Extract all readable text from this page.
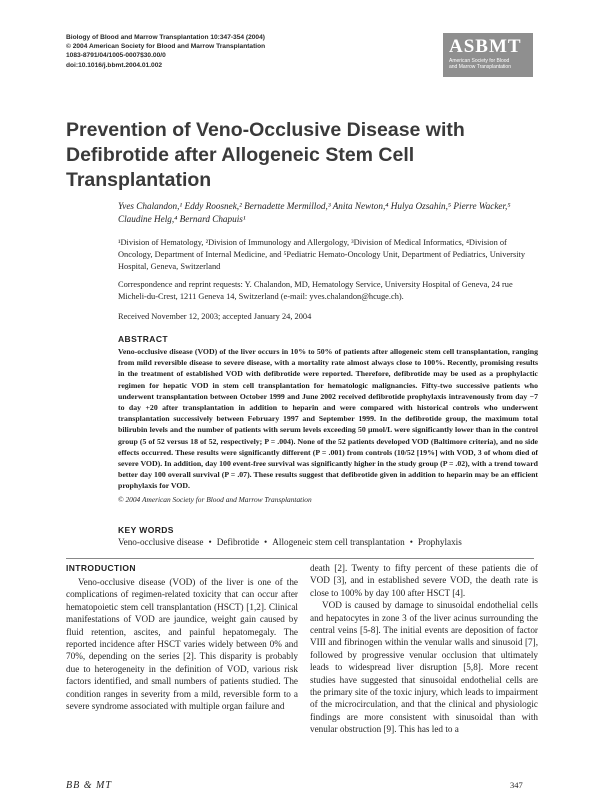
Biology of Blood and Marrow Transplantation 10:347-354 (2004)
© 2004 American Society for Blood and Marrow Transplantation
1083-8791/04/1005-0007$30.00/0
doi:10.1016/j.bbmt.2004.01.002
ASBMT
American Society for Blood
and Marrow Transplantation
Prevention of Veno-Occlusive Disease with Defibrotide after Allogeneic Stem Cell Transplantation
Yves Chalandon,¹ Eddy Roosnek,² Bernadette Mermillod,³ Anita Newton,⁴ Hulya Ozsahin,⁵ Pierre Wacker,⁵ Claudine Helg,⁴ Bernard Chapuis¹
¹Division of Hematology, ²Division of Immunology and Allergology, ³Division of Medical Informatics, ⁴Division of Oncology, Department of Internal Medicine, and ⁵Pediatric Hemato-Oncology Unit, Department of Pediatrics, University Hospital, Geneva, Switzerland
Correspondence and reprint requests: Y. Chalandon, MD, Hematology Service, University Hospital of Geneva, 24 rue Micheli-du-Crest, 1211 Geneva 14, Switzerland (e-mail: yves.chalandon@hcuge.ch).
Received November 12, 2003; accepted January 24, 2004
ABSTRACT
Veno-occlusive disease (VOD) of the liver occurs in 10% to 50% of patients after allogeneic stem cell transplantation, ranging from mild reversible disease to severe disease, with a mortality rate almost always close to 100%. Recently, promising results in the treatment of established VOD with defibrotide were reported. Therefore, defibrotide may be used as a prophylactic regimen for hepatic VOD in stem cell transplantation for hematologic malignancies. Fifty-two successive patients who underwent transplantation between October 1999 and June 2002 received defibrotide prophylaxis intravenously from day −7 to day +20 after transplantation in addition to heparin and were compared with historical controls who underwent transplantation successively between February 1997 and September 1999. In the defibrotide group, the maximum total bilirubin levels and the number of patients with serum levels exceeding 50 μmol/L were significantly lower than in the control group (5 of 52 versus 18 of 52, respectively; P = .004). None of the 52 patients developed VOD (Baltimore criteria), and no side effects occurred. These results were significantly different (P = .001) from controls (10/52 [19%] with VOD, 3 of whom died of severe VOD). In addition, day 100 event-free survival was significantly higher in the study group (P = .02), with a trend toward better day 100 overall survival (P = .07). These results suggest that defibrotide given in addition to heparin may be an efficient prophylaxis for VOD.
© 2004 American Society for Blood and Marrow Transplantation
KEY WORDS
Veno-occlusive disease • Defibrotide • Allogeneic stem cell transplantation • Prophylaxis
INTRODUCTION

Veno-occlusive disease (VOD) of the liver is one of the complications of regimen-related toxicity that can occur after hematopoietic stem cell transplantation (HSCT) [1,2]. Clinical manifestations of VOD are jaundice, weight gain caused by fluid retention, ascites, and painful hepatomegaly. The reported incidence after HSCT varies widely between 0% and 70%, depending on the series [2]. This disparity is probably due to heterogeneity in the definition of VOD, various risk factors identified, and small numbers of patients studied. The condition ranges in severity from a mild, reversible form to a severe syndrome associated with multiple organ failure and

death [2]. Twenty to fifty percent of these patients die of VOD [3], and in established severe VOD, the death rate is close to 100% by day 100 after HSCT [4].

VOD is caused by damage to sinusoidal endothelial cells and hepatocytes in zone 3 of the liver acinus surrounding the central veins [5-8]. The initial events are deposition of factor VIII and fibrinogen within the venular walls and sinusoid [7], followed by progressive venular occlusion that ultimately leads to widespread liver disruption [5,8]. More recent studies have suggested that sinusoidal endothelial cells are the primary site of the toxic injury, which leads to impairment of the microcirculation, and that the clinical and physiologic findings are more consistent with sinusoidal than with venular obstruction [9]. This has led to a

BB & MT	347
